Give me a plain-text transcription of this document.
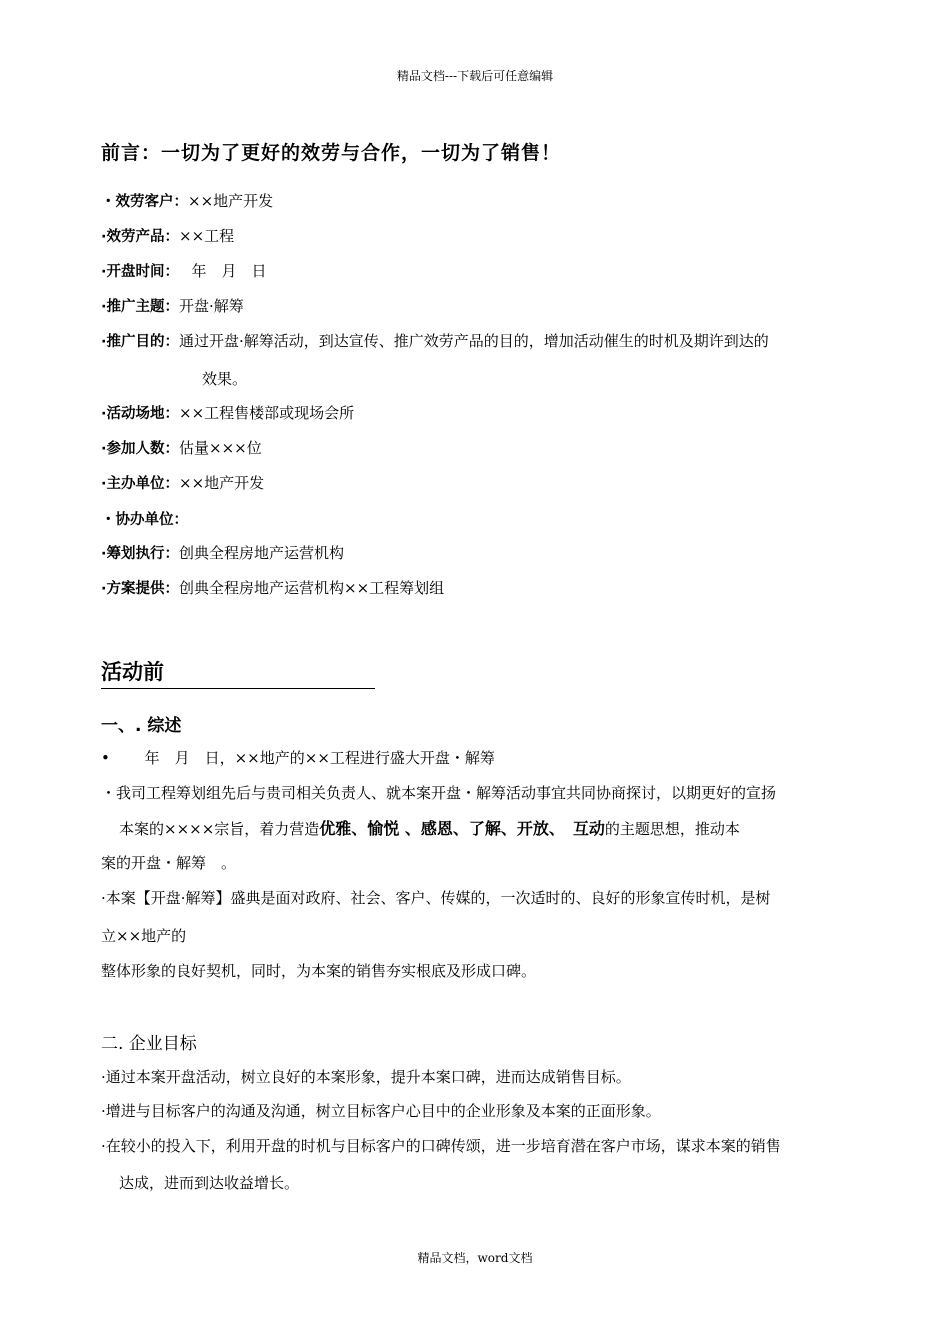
精品文档---下载后可任意编辑
前言：一切为了更好的效劳与合作，一切为了销售！
・效劳客户：××地产开发
·效劳产品：××工程
·开盘时间：　 年　月　日
·推广主题：开盘·解筹
·推广目的：通过开盘·解筹活动，到达宣传、推广效劳产品的目的，增加活动催生的时机及期许到达的
效果。
·活动场地：××工程售楼部或现场会所
·参加人数：估量×××位
·主办单位：××地产开发
・协办单位：
·筹划执行：创典全程房地产运营机构
·方案提供：创典全程房地产运营机构××工程筹划组
活动前
一、. 综述
•　　 年　月　日，××地产的××工程进行盛大开盘・解筹
・我司工程筹划组先后与贵司相关负责人、就本案开盘・解筹活动事宜共同协商探讨，以期更好的宣扬
本案的××××宗旨，着力营造优雅、愉悦 、感恩、了解、开放、　互动的主题思想，推动本
案的开盘・解筹　。
·本案【开盘·解筹】盛典是面对政府、社会、客户、传媒的，一次适时的、良好的形象宣传时机，是树
立××地产的
整体形象的良好契机，同时，为本案的销售夯实根底及形成口碑。
二. 企业目标
·通过本案开盘活动，树立良好的本案形象，提升本案口碑，进而达成销售目标。
·增进与目标客户的沟通及沟通，树立目标客户心目中的企业形象及本案的正面形象。
·在较小的投入下，利用开盘的时机与目标客户的口碑传颂，进一步培育潜在客户市场，谋求本案的销售
达成，进而到达收益增长。
精品文档，word文档
